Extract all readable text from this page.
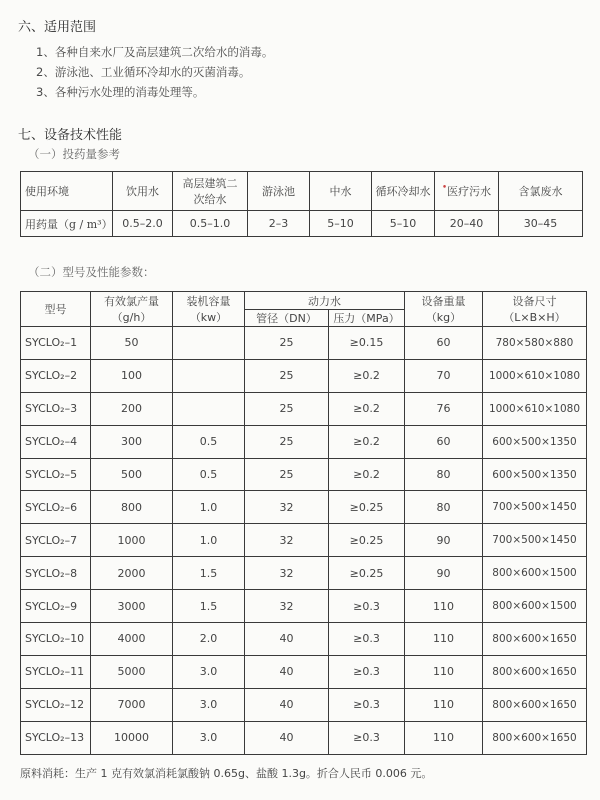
六、适用范围
1、各种自来水厂及高层建筑二次给水的消毒。
2、游泳池、工业循环冷却水的灭菌消毒。
3、各种污水处理的消毒处理等。
七、设备技术性能
（一）投药量参考
使用环境	饮用水	高层建筑二次给水	游泳池	中水	循环冷却水	•医疗污水	含氯废水
用药量（g / m³）	0.5–2.0	0.5–1.0	2–3	5–10	5–10	20–40	30–45
（二）型号及性能参数：
型号	有效氯产量（g/h）	装机容量（kw）	动力水		设备重量（kg）	设备尺寸（L×B×H）
			管径（DN）	压力（MPa）		
SYCLO₂–1	50		25	≥0.15	60	780×580×880
SYCLO₂–2	100		25	≥0.2	70	1000×610×1080
SYCLO₂–3	200		25	≥0.2	76	1000×610×1080
SYCLO₂–4	300	0.5	25	≥0.2	60	600×500×1350
SYCLO₂–5	500	0.5	25	≥0.2	80	600×500×1350
SYCLO₂–6	800	1.0	32	≥0.25	80	700×500×1450
SYCLO₂–7	1000	1.0	32	≥0.25	90	700×500×1450
SYCLO₂–8	2000	1.5	32	≥0.25	90	800×600×1500
SYCLO₂–9	3000	1.5	32	≥0.3	110	800×600×1500
SYCLO₂–10	4000	2.0	40	≥0.3	110	800×600×1650
SYCLO₂–11	5000	3.0	40	≥0.3	110	800×600×1650
SYCLO₂–12	7000	3.0	40	≥0.3	110	800×600×1650
SYCLO₂–13	10000	3.0	40	≥0.3	110	800×600×1650
原料消耗：生产 1 克有效氯消耗氯酸钠 0.65g、盐酸 1.3g。折合人民币 0.006 元。
